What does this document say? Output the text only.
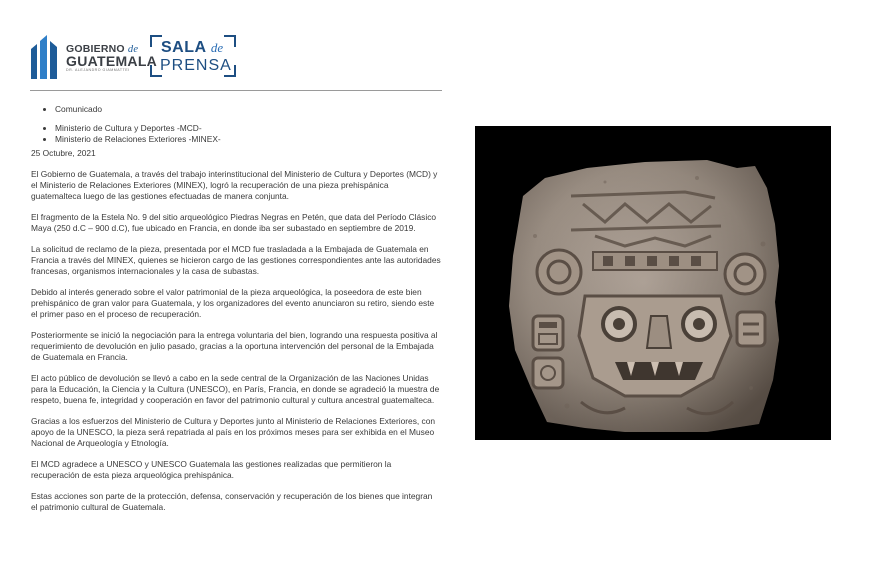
GOBIERNO de
GUATEMALA
DR. ALEJANDRO GIAMMATTEI
SALA de
PRENSA
• Comunicado
• Ministerio de Cultura y Deportes -MCD-
• Ministerio de Relaciones Exteriores -MINEX-
25 Octubre, 2021

El Gobierno de Guatemala, a través del trabajo interinstitucional del Ministerio de Cultura y Deportes (MCD) y el Ministerio de Relaciones Exteriores (MINEX), logró la recuperación de una pieza prehispánica guatemalteca luego de las gestiones efectuadas de manera conjunta.

El fragmento de la Estela No. 9 del sitio arqueológico Piedras Negras en Petén, que data del Período Clásico Maya (250 d.C – 900 d.C), fue ubicado en Francia, en donde iba ser subastado en septiembre de 2019.

La solicitud de reclamo de la pieza, presentada por el MCD fue trasladada a la Embajada de Guatemala en Francia a través del MINEX, quienes se hicieron cargo de las gestiones correspondientes ante las autoridades francesas, organismos internacionales y la casa de subastas.

Debido al interés generado sobre el valor patrimonial de la pieza arqueológica, la poseedora de este bien prehispánico de gran valor para Guatemala, y los organizadores del evento anunciaron su retiro, siendo este el primer paso en el proceso de recuperación.

Posteriormente se inició la negociación para la entrega voluntaria del bien, logrando una respuesta positiva al requerimiento de devolución en julio pasado, gracias a la oportuna intervención del personal de la Embajada de Guatemala en Francia.

El acto público de devolución se llevó a cabo en la sede central de la Organización de las Naciones Unidas para la Educación, la Ciencia y la Cultura (UNESCO), en París, Francia, en donde se agradeció la muestra de respeto, buena fe, integridad y cooperación en favor del patrimonio cultural y cultura ancestral guatemalteca.

Gracias a los esfuerzos del Ministerio de Cultura y Deportes junto al Ministerio de Relaciones Exteriores, con apoyo de la UNESCO, la pieza será repatriada al país en los próximos meses para ser exhibida en el Museo Nacional de Arqueología y Etnología.

El MCD agradece a UNESCO y UNESCO Guatemala las gestiones realizadas que permitieron la recuperación de esta pieza arqueológica prehispánica.

Estas acciones son parte de la protección, defensa, conservación y recuperación de los bienes que integran el patrimonio cultural de Guatemala.
